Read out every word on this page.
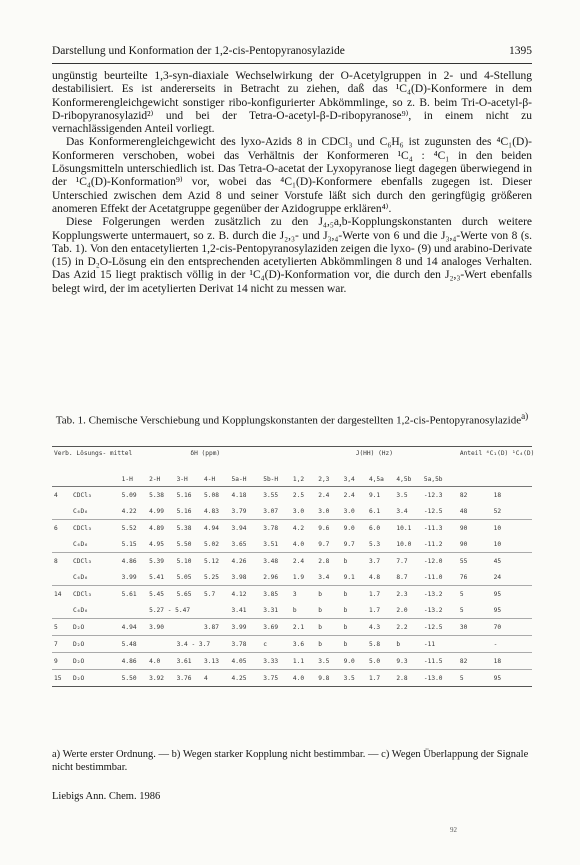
Darstellung und Konformation der 1,2-cis-Pentopyranosylazide	1395

ungünstig beurteilte 1,3-syn-diaxiale Wechselwirkung der O-Acetylgruppen in 2- und 4-Stellung destabilisiert. Es ist andererseits in Betracht zu ziehen, daß das ¹C₄(D)-Konformere in dem Konformerengleichgewicht sonstiger ribo-konfigurierter Abkömmlinge, so z. B. beim Tri-O-acetyl-β-D-ribopyranosylazid²⁾ und bei der Tetra-O-acetyl-β-D-ribopyranose⁹⁾, in einem nicht zu vernachlässigenden Anteil vorliegt.

Das Konformerengleichgewicht des lyxo-Azids 8 in CDCl₃ und C₆H₆ ist zugunsten des ⁴C₁(D)-Konformeren verschoben, wobei das Verhältnis der Konformeren ¹C₄ : ⁴C₁ in den beiden Lösungsmitteln unterschiedlich ist. Das Tetra-O-acetat der Lyxopyranose liegt dagegen überwiegend in der ¹C₄(D)-Konformation⁹⁾ vor, wobei das ⁴C₁(D)-Konformere ebenfalls zugegen ist. Dieser Unterschied zwischen dem Azid 8 und seiner Vorstufe läßt sich durch den geringfügig größeren anomeren Effekt der Acetatgruppe gegenüber der Azidogruppe erklären⁴⁾.

Diese Folgerungen werden zusätzlich zu den J₄,₅a,b-Kopplungskonstanten durch weitere Kopplungswerte untermauert, so z. B. durch die J₂,₃- und J₃,₄-Werte von 6 und die J₃,₄-Werte von 8 (s. Tab. 1). Von den entacetylierten 1,2-cis-Pentopyranosylaziden zeigen die lyxo- (9) und arabino-Derivate (15) in D₂O-Lösung ein den entsprechenden acetylierten Abkömmlingen 8 und 14 analoges Verhalten. Das Azid 15 liegt praktisch völlig in der ¹C₄(D)-Konformation vor, die durch den J₂,₃-Wert ebenfalls belegt wird, der im acetylierten Derivat 14 nicht zu messen war.

Tab. 1. Chemische Verschiebung und Kopplungskonstanten der dargestellten 1,2-cis-Pentopyranosylazide$^{a)}$
Verb. Lösungs- mittel		δH (ppm)						J(HH) (Hz)						Anteil ⁴C₁(D) ¹C₄(D)	
		1-H	2-H	3-H	4-H	5a-H	5b-H	1,2	2,3	3,4	4,5a	4,5b	5a,5b		
4	CDCl₃	5.09	5.38	5.16	5.08	4.18	3.55	2.5	2.4	2.4	9.1	3.5	-12.3	82	18
	C₆D₆	4.22	4.99	5.16	4.83	3.79	3.07	3.0	3.0	3.0	6.1	3.4	-12.5	48	52
6	CDCl₃	5.52	4.89	5.38	4.94	3.94	3.78	4.2	9.6	9.0	6.0	10.1	-11.3	90	10
	C₆D₆	5.15	4.95	5.50	5.02	3.65	3.51	4.0	9.7	9.7	5.3	10.0	-11.2	90	10
8	CDCl₃	4.86	5.39	5.10	5.12	4.26	3.48	2.4	2.8	b	3.7	7.7	-12.0	55	45
	C₆D₆	3.99	5.41	5.05	5.25	3.98	2.96	1.9	3.4	9.1	4.8	8.7	-11.0	76	24
14	CDCl₃	5.61	5.45	5.65	5.7	4.12	3.85	3	b	b	1.7	2.3	-13.2	5	95
	C₆D₆		5.27 - 5.47			3.41	3.31	b	b	b	1.7	2.0	-13.2	5	95
5	D₂O	4.94	3.90		3.87	3.99	3.69	2.1	b	b	4.3	2.2	-12.5	30	70
7	D₂O	5.48		3.4 - 3.7		3.78	c	3.6	b	b	5.8	b	-11		-
9	D₂O	4.86	4.0	3.61	3.13	4.05	3.33	1.1	3.5	9.0	5.0	9.3	-11.5	82	18
15	D₂O	5.50	3.92	3.76	4	4.25	3.75	4.0	9.8	3.5	1.7	2.8	-13.0	5	95
a) Werte erster Ordnung. — b) Wegen starker Kopplung nicht bestimmbar. — c) Wegen Überlappung der Signale nicht bestimmbar.
Liebigs Ann. Chem. 1986
92
